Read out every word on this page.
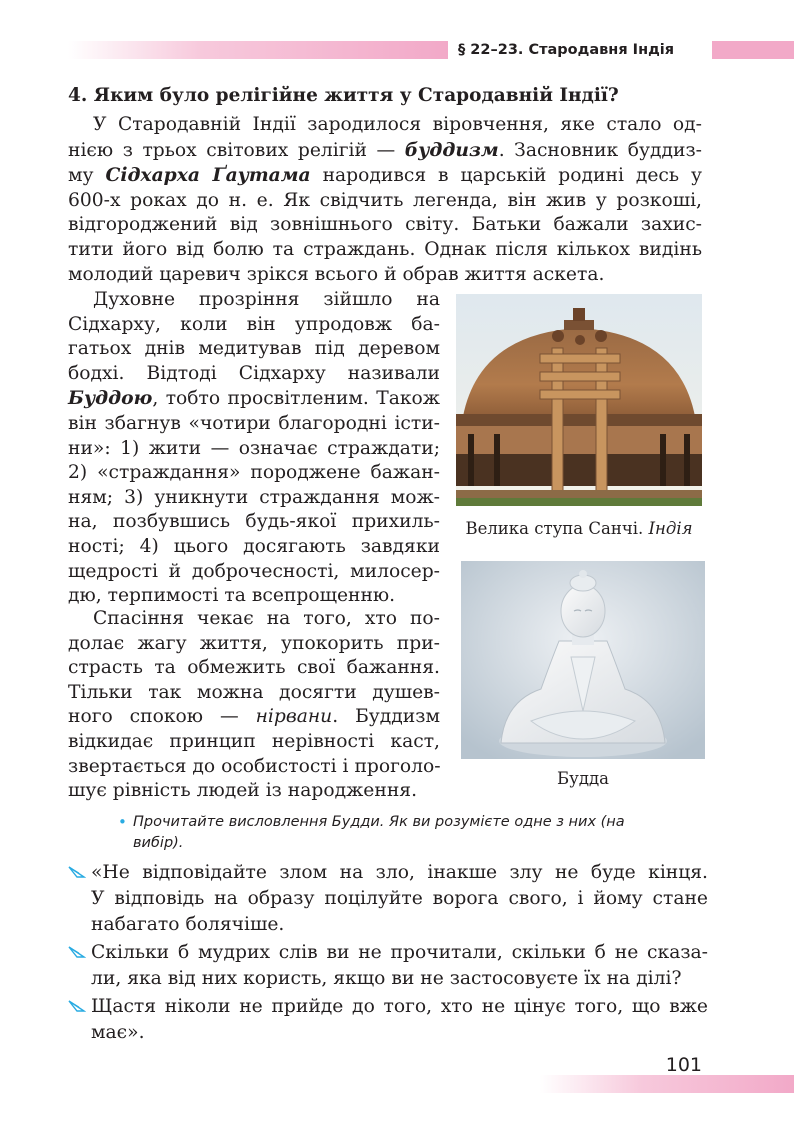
§ 22–23. Стародавня Індія
4. Яким було релігійне життя у Стародавній Індії?
У Стародавній Індії зародилося віровчення, яке стало од-
нією з трьох світових релігій — буддизм. Засновник буддиз-
му Сідхарха Ґаутама народився в царській родині десь у
600-х роках до н. е. Як свідчить легенда, він жив у розкоші,
відгороджений від зовнішнього світу. Батьки бажали захис-
тити його від болю та страждань. Однак після кількох видінь
молодий царевич зрікся всього й обрав життя аскета.
Духовне прозріння зійшло на
Сідхарху, коли він упродовж ба-
гатьох днів медитував під деревом
бодхі. Відтоді Сідхарху називали
Буддою, тобто просвітленим. Також
він збагнув «чотири благородні істи-
ни»: 1) жити — означає страждати;
2) «страждання» породжене бажан-
ням; 3) уникнути страждання мож-
на, позбувшись будь-якої прихиль-
ності; 4) цього досягають завдяки
щедрості й доброчесності, милосер-
дю, терпимості та всепрощенню.
Спасіння чекає на того, хто по-
долає жагу життя, упокорить при-
страсть та обмежить свої бажання.
Тільки так можна досягти душев-
ного спокою — нірвани. Буддизм
відкидає принцип нерівності каст,
звертається до особистості і проголо-
шує рівність людей із народження.
Велика ступа Санчі. Індія
Будда
• Прочитайте висловлення Будди. Як ви розумієте одне з них (на
вибір).
«Не відповідайте злом на зло, інакше злу не буде кінця.
У відповідь на образу поцілуйте ворога свого, і йому стане
набагато болячіше.
Скільки б мудрих слів ви не прочитали, скільки б не сказа-
ли, яка від них користь, якщо ви не застосовуєте їх на ділі?
Щастя ніколи не прийде до того, хто не цінує того, що вже
має».
101
